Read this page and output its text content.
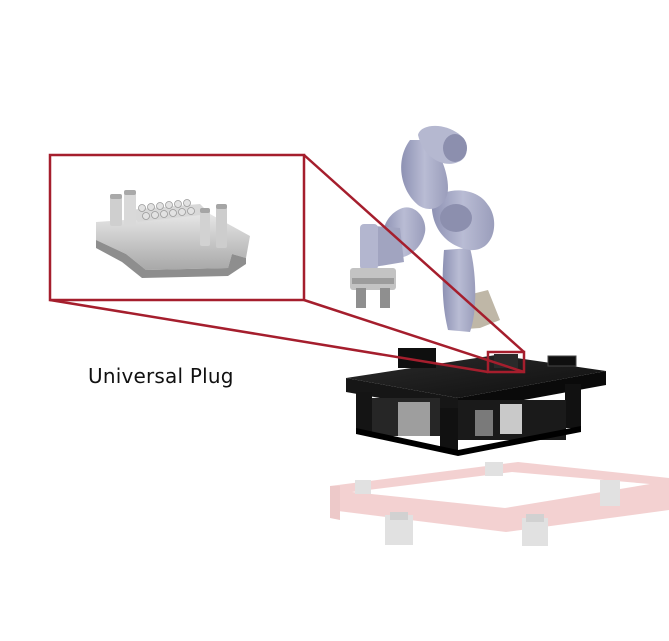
Universal Plug
